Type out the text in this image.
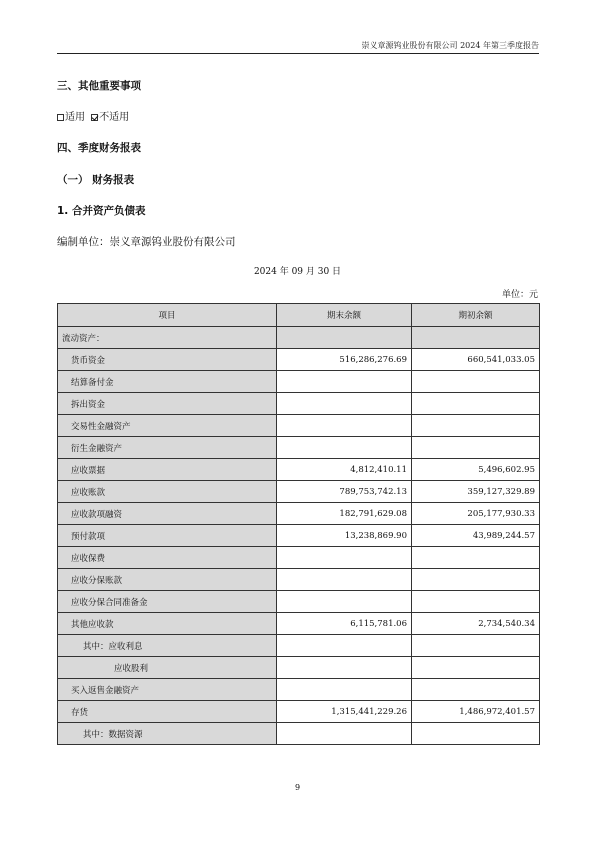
崇义章源钨业股份有限公司 2024 年第三季度报告
三、其他重要事项
适用 不适用
四、季度财务报表
（一） 财务报表
1. 合并资产负债表
编制单位：崇义章源钨业股份有限公司
2024 年 09 月 30 日
单位：元
项目	期末余额	期初余额
流动资产：		
货币资金	516,286,276.69	660,541,033.05
结算备付金		
拆出资金		
交易性金融资产		
衍生金融资产		
应收票据	4,812,410.11	5,496,602.95
应收账款	789,753,742.13	359,127,329.89
应收款项融资	182,791,629.08	205,177,930.33
预付款项	13,238,869.90	43,989,244.57
应收保费		
应收分保账款		
应收分保合同准备金		
其他应收款	6,115,781.06	2,734,540.34
其中：应收利息		
应收股利		
买入返售金融资产		
存货	1,315,441,229.26	1,486,972,401.57
其中：数据资源		
9
